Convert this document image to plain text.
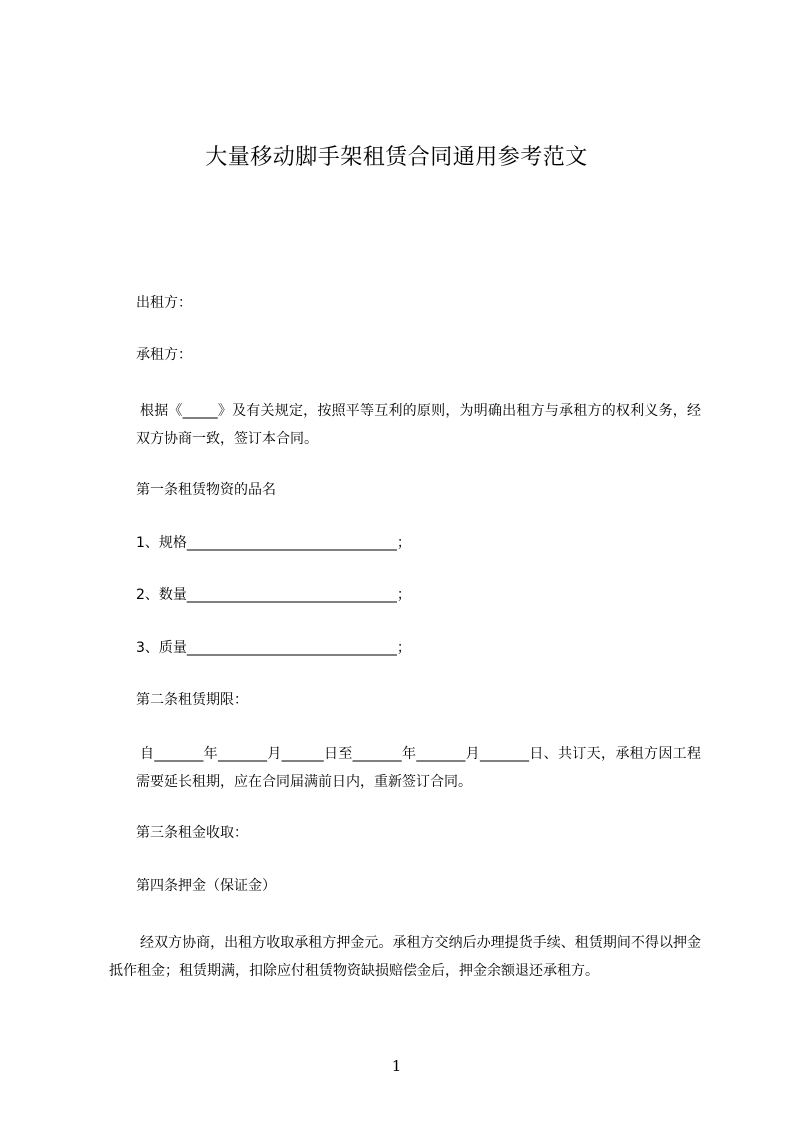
大量移动脚手架租赁合同通用参考范文
出租方：
承租方：
根据《_____》及有关规定，按照平等互利的原则，为明确出租方与承租方的权利义务，经双方协商一致，签订本合同。
第一条租赁物资的品名
1、规格______________________________；
2、数量______________________________；
3、质量______________________________；
第二条租赁期限：
自_______年_______月______日至_______年_______月_______日、共订天，承租方因工程需要延长租期，应在合同届满前日内，重新签订合同。
第三条租金收取：
第四条押金（保证金）
经双方协商，出租方收取承租方押金元。承租方交纳后办理提货手续、租赁期间不得以押金抵作租金；租赁期满，扣除应付租赁物资缺损赔偿金后，押金余额退还承租方。
1
